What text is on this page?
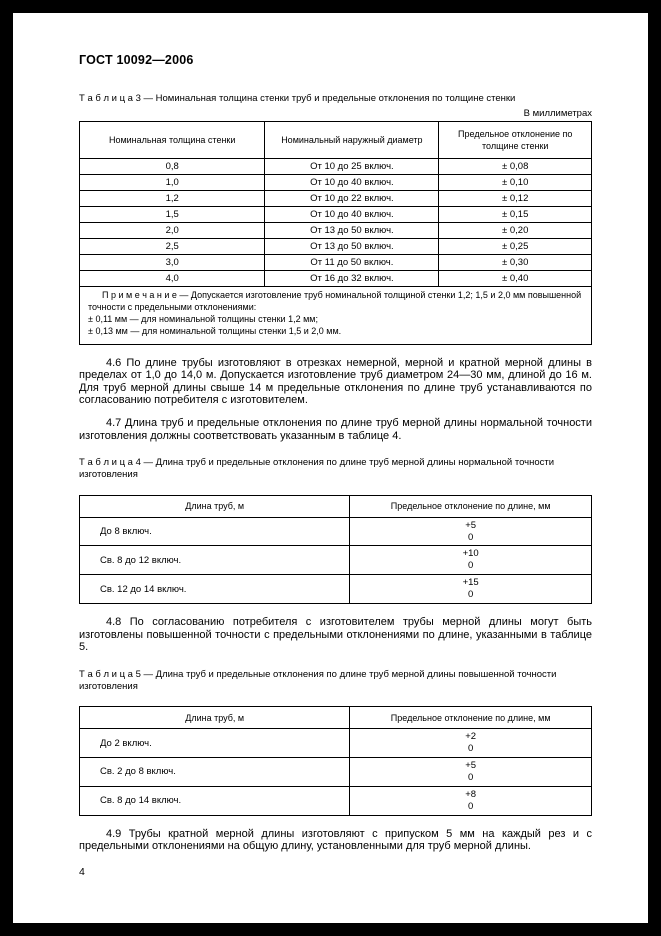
ГОСТ 10092—2006

Т а б л и ц а 3 — Номинальная толщина стенки труб и предельные отклонения по толщине стенки

В миллиметрах
Номинальная толщина стенки	Номинальный наружный диаметр	Предельное отклонение по толщине стенки
0,8	От 10 до 25 включ.	± 0,08
1,0	От 10 до 40 включ.	± 0,10
1,2	От 10 до 22 включ.	± 0,12
1,5	От 10 до 40 включ.	± 0,15
2,0	От 13 до 50 включ.	± 0,20
2,5	От 13 до 50 включ.	± 0,25
3,0	От 11 до 50 включ.	± 0,30
4,0	От 16 до 32 включ.	± 0,40

П р и м е ч а н и е — Допускается изготовление труб номинальной толщиной стенки 1,2; 1,5 и 2,0 мм повышенной точности с предельными отклонениями:

± 0,11 мм — для номинальной толщины стенки 1,2 мм;

± 0,13 мм — для номинальной толщины стенки 1,5 и 2,0 мм.		

4.6 По длине трубы изготовляют в отрезках немерной, мерной и кратной мерной длины в пределах от 1,0 до 14,0 м. Допускается изготовление труб диаметром 24—30 мм, длиной до 16 м. Для труб мерной длины свыше 14 м предельные отклонения по длине труб устанавливаются по согласованию потребителя с изготовителем.

4.7 Длина труб и предельные отклонения по длине труб мерной длины нормальной точности изготовления должны соответствовать указанным в таблице 4.

Т а б л и ц а 4 — Длина труб и предельные отклонения по длине труб мерной длины нормальной точности изготовления

Длина труб, м	Предельное отклонение по длине, мм
До 8 включ.	+5
0

Св. 8 до 12 включ.	+10
0

Св. 12 до 14 включ.	+15
0

4.8 По согласованию потребителя с изготовителем трубы мерной длины могут быть изготовлены повышенной точности с предельными отклонениями по длине, указанными в таблице 5.

Т а б л и ц а 5 — Длина труб и предельные отклонения по длине труб мерной длины повышенной точности изготовления

Длина труб, м	Предельное отклонение по длине, мм
До 2 включ.	+2
0

Св. 2 до 8 включ.	+5
0

Св. 8 до 14 включ.	+8
0

4.9 Трубы кратной мерной длины изготовляют с припуском 5 мм на каждый рез и с предельными отклонениями на общую длину, установленными для труб мерной длины.

4
